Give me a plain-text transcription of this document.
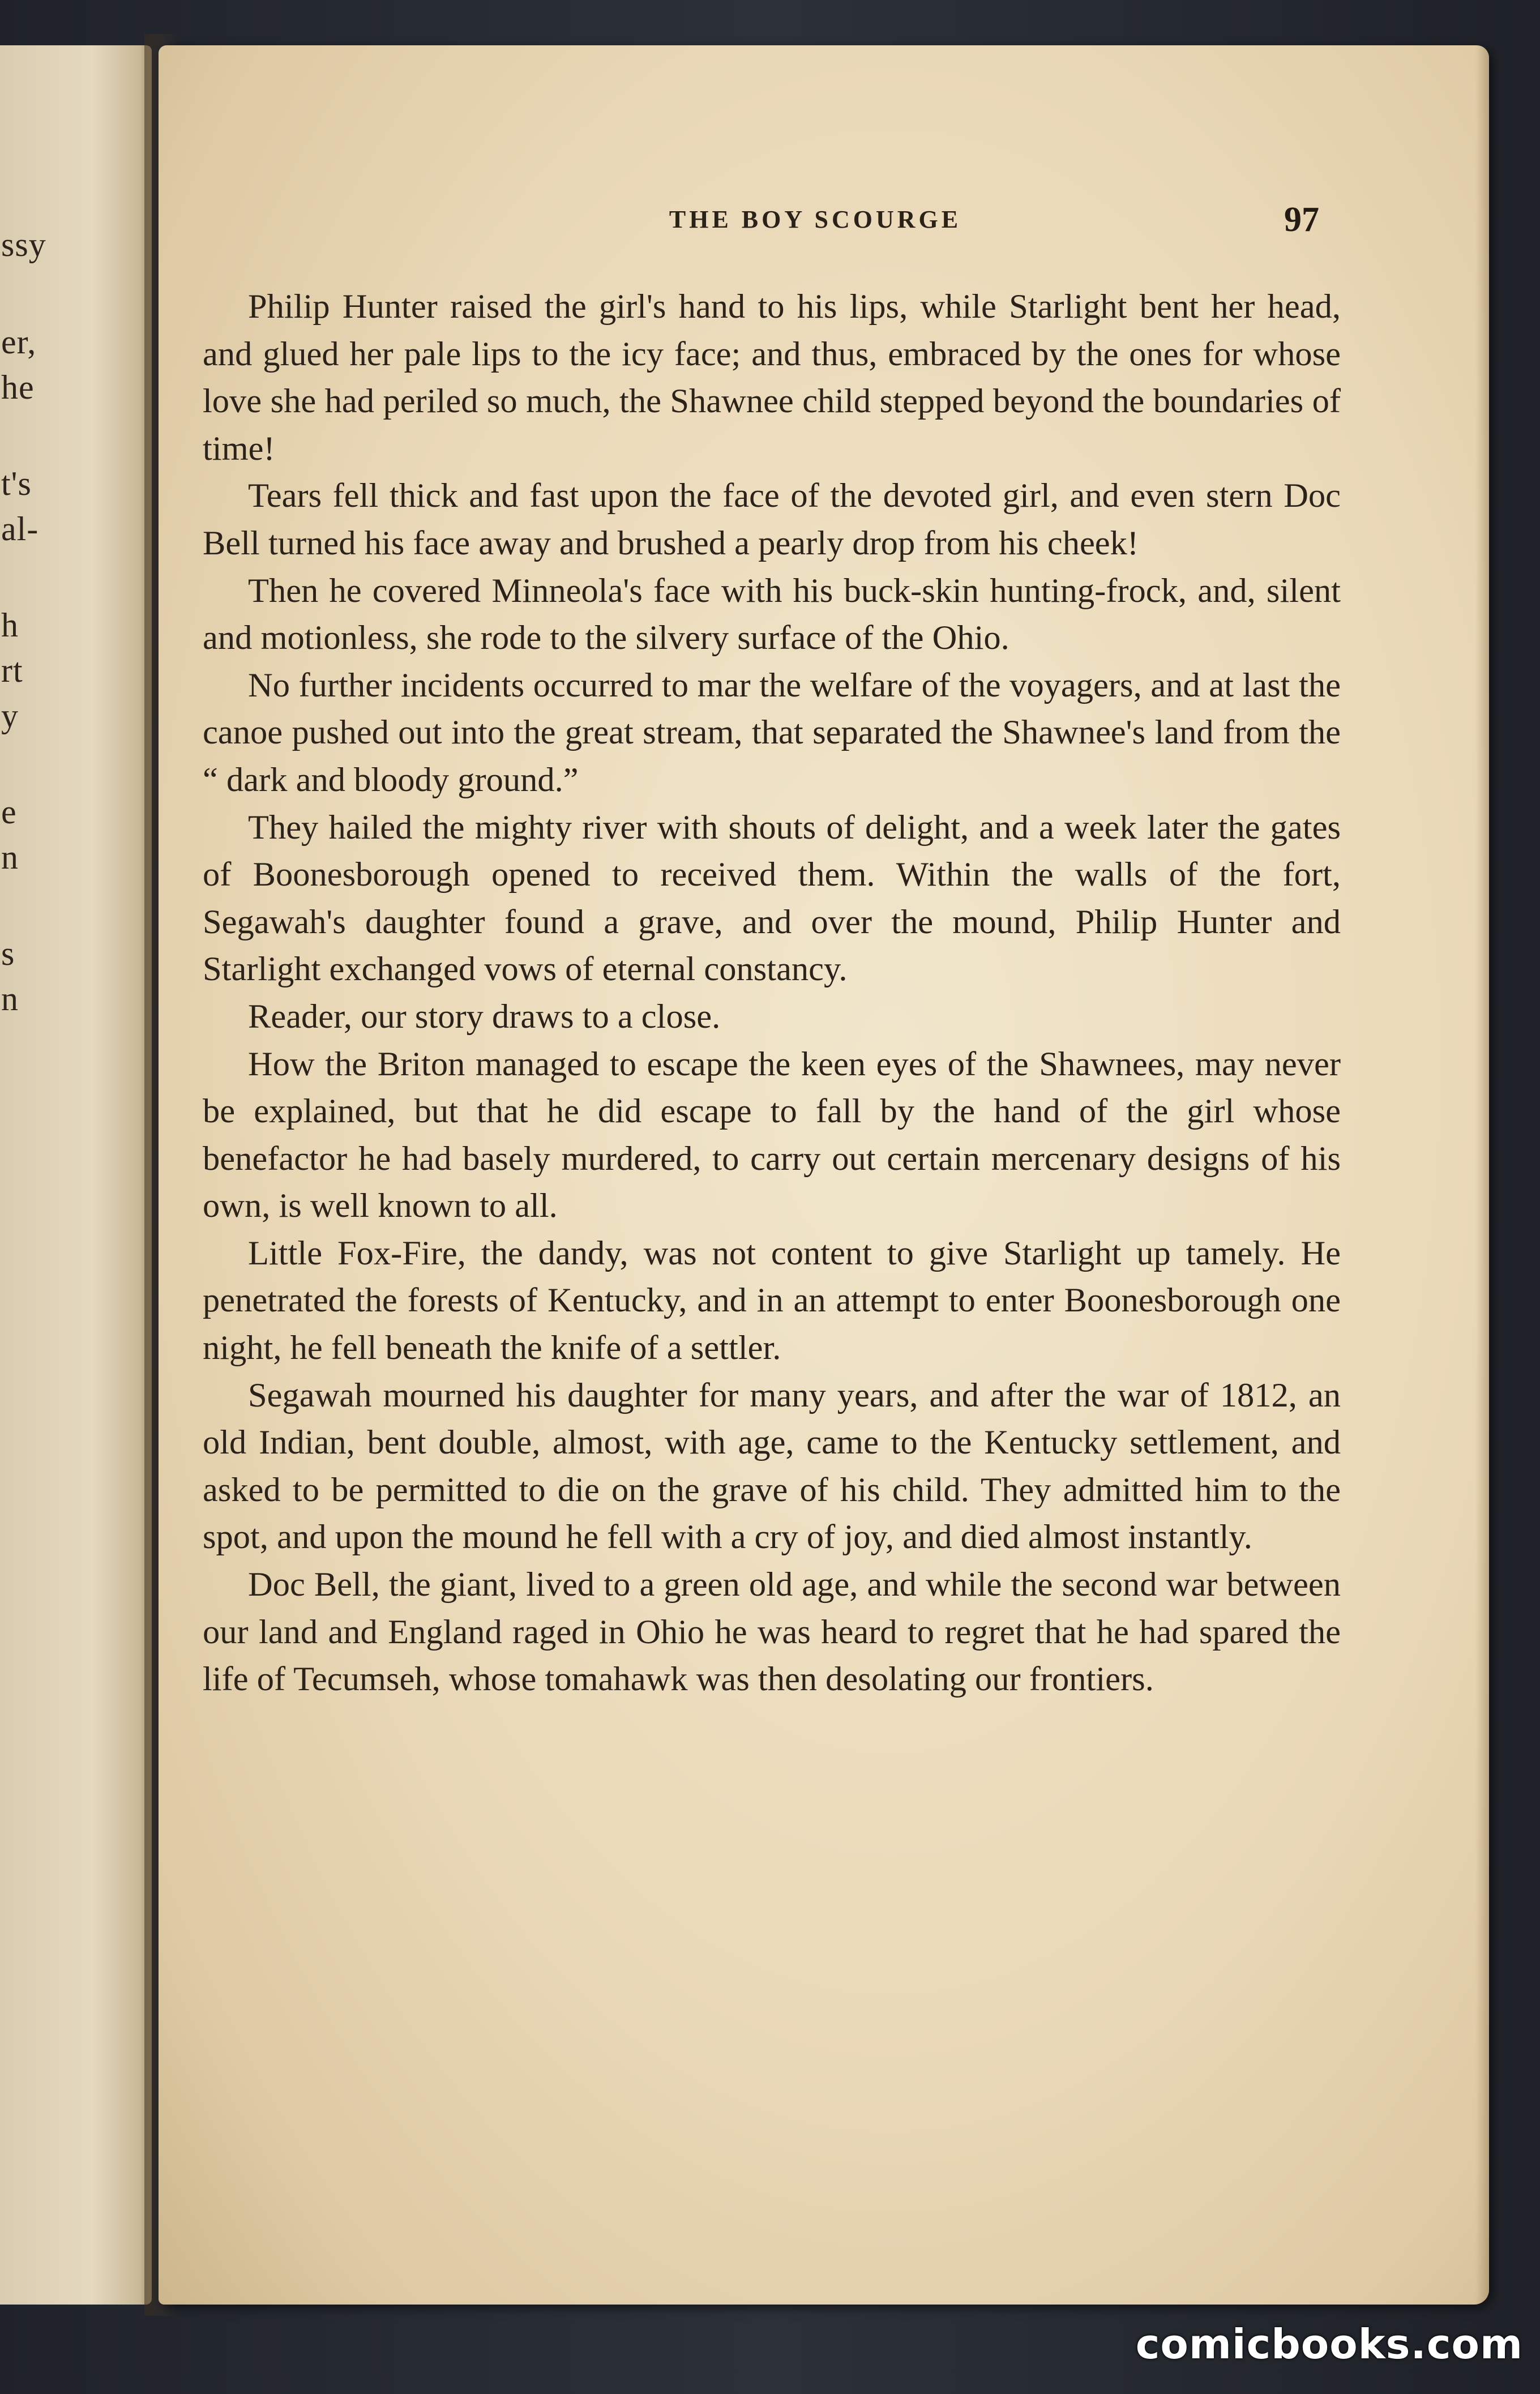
ssy
er,
he
t's
al-
h
rt
y
e
n
s
n
THE BOY SCOURGE	97

Philip Hunter raised the girl's hand to his lips, while Starlight bent her head, and glued her pale lips to the icy face; and thus, embraced by the ones for whose love she had periled so much, the Shawnee child stepped beyond the boundaries of time!

Tears fell thick and fast upon the face of the devoted girl, and even stern Doc Bell turned his face away and brushed a pearly drop from his cheek!

Then he covered Minneola's face with his buck-skin hunting-frock, and, silent and motionless, she rode to the silvery surface of the Ohio.

No further incidents occurred to mar the welfare of the voyagers, and at last the canoe pushed out into the great stream, that separated the Shawnee's land from the “ dark and bloody ground.”

They hailed the mighty river with shouts of delight, and a week later the gates of Boonesborough opened to received them. Within the walls of the fort, Segawah's daughter found a grave, and over the mound, Philip Hunter and Starlight exchanged vows of eternal constancy.

Reader, our story draws to a close.

How the Briton managed to escape the keen eyes of the Shawnees, may never be explained, but that he did escape to fall by the hand of the girl whose benefactor he had basely murdered, to carry out certain mercenary designs of his own, is well known to all.

Little Fox-Fire, the dandy, was not content to give Starlight up tamely. He penetrated the forests of Kentucky, and in an attempt to enter Boonesborough one night, he fell beneath the knife of a settler.

Segawah mourned his daughter for many years, and after the war of 1812, an old Indian, bent double, almost, with age, came to the Kentucky settlement, and asked to be permitted to die on the grave of his child. They admitted him to the spot, and upon the mound he fell with a cry of joy, and died almost instantly.

Doc Bell, the giant, lived to a green old age, and while the second war between our land and England raged in Ohio he was heard to regret that he had spared the life of Tecumseh, whose tomahawk was then desolating our frontiers.

comicbooks.com
